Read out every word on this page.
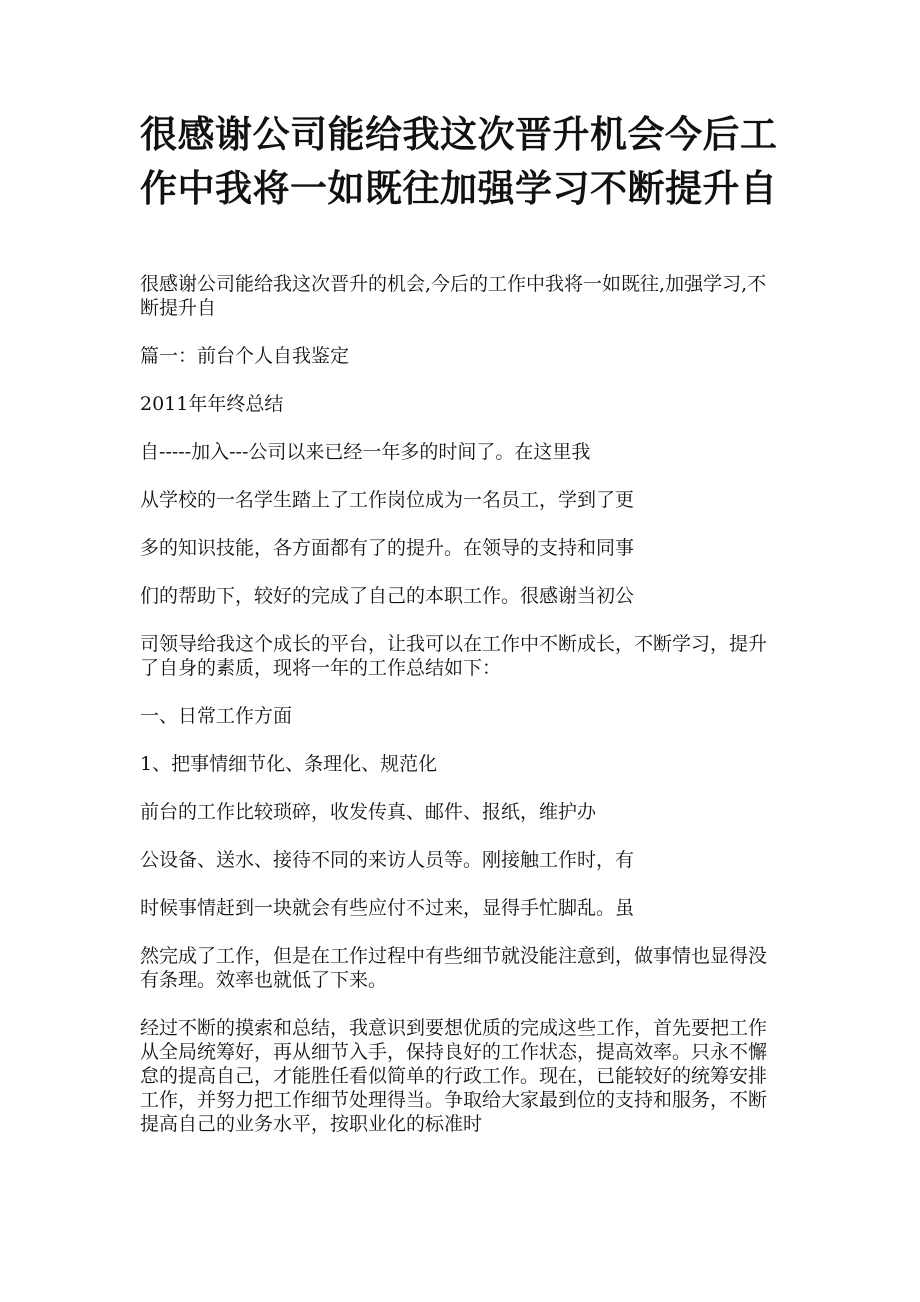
很感谢公司能给我这次晋升机会今后工作中我将一如既往加强学习不断提升自

很感谢公司能给我这次晋升的机会,今后的工作中我将一如既往,加强学习,不断提升自

篇一：前台个人自我鉴定

2011年年终总结

自-----加入---公司以来已经一年多的时间了。在这里我

从学校的一名学生踏上了工作岗位成为一名员工，学到了更

多的知识技能，各方面都有了的提升。在领导的支持和同事

们的帮助下，较好的完成了自己的本职工作。很感谢当初公

司领导给我这个成长的平台，让我可以在工作中不断成长，不断学习，提升了自身的素质，现将一年的工作总结如下：

一、日常工作方面

1、把事情细节化、条理化、规范化

前台的工作比较琐碎，收发传真、邮件、报纸，维护办

公设备、送水、接待不同的来访人员等。刚接触工作时，有

时候事情赶到一块就会有些应付不过来，显得手忙脚乱。虽

然完成了工作，但是在工作过程中有些细节就没能注意到，做事情也显得没有条理。效率也就低了下来。

经过不断的摸索和总结，我意识到要想优质的完成这些工作，首先要把工作从全局统筹好，再从细节入手，保持良好的工作状态，提高效率。只永不懈怠的提高自己，才能胜任看似简单的行政工作。现在，已能较好的统筹安排工作，并努力把工作细节处理得当。争取给大家最到位的支持和服务，不断提高自己的业务水平，按职业化的标准时
